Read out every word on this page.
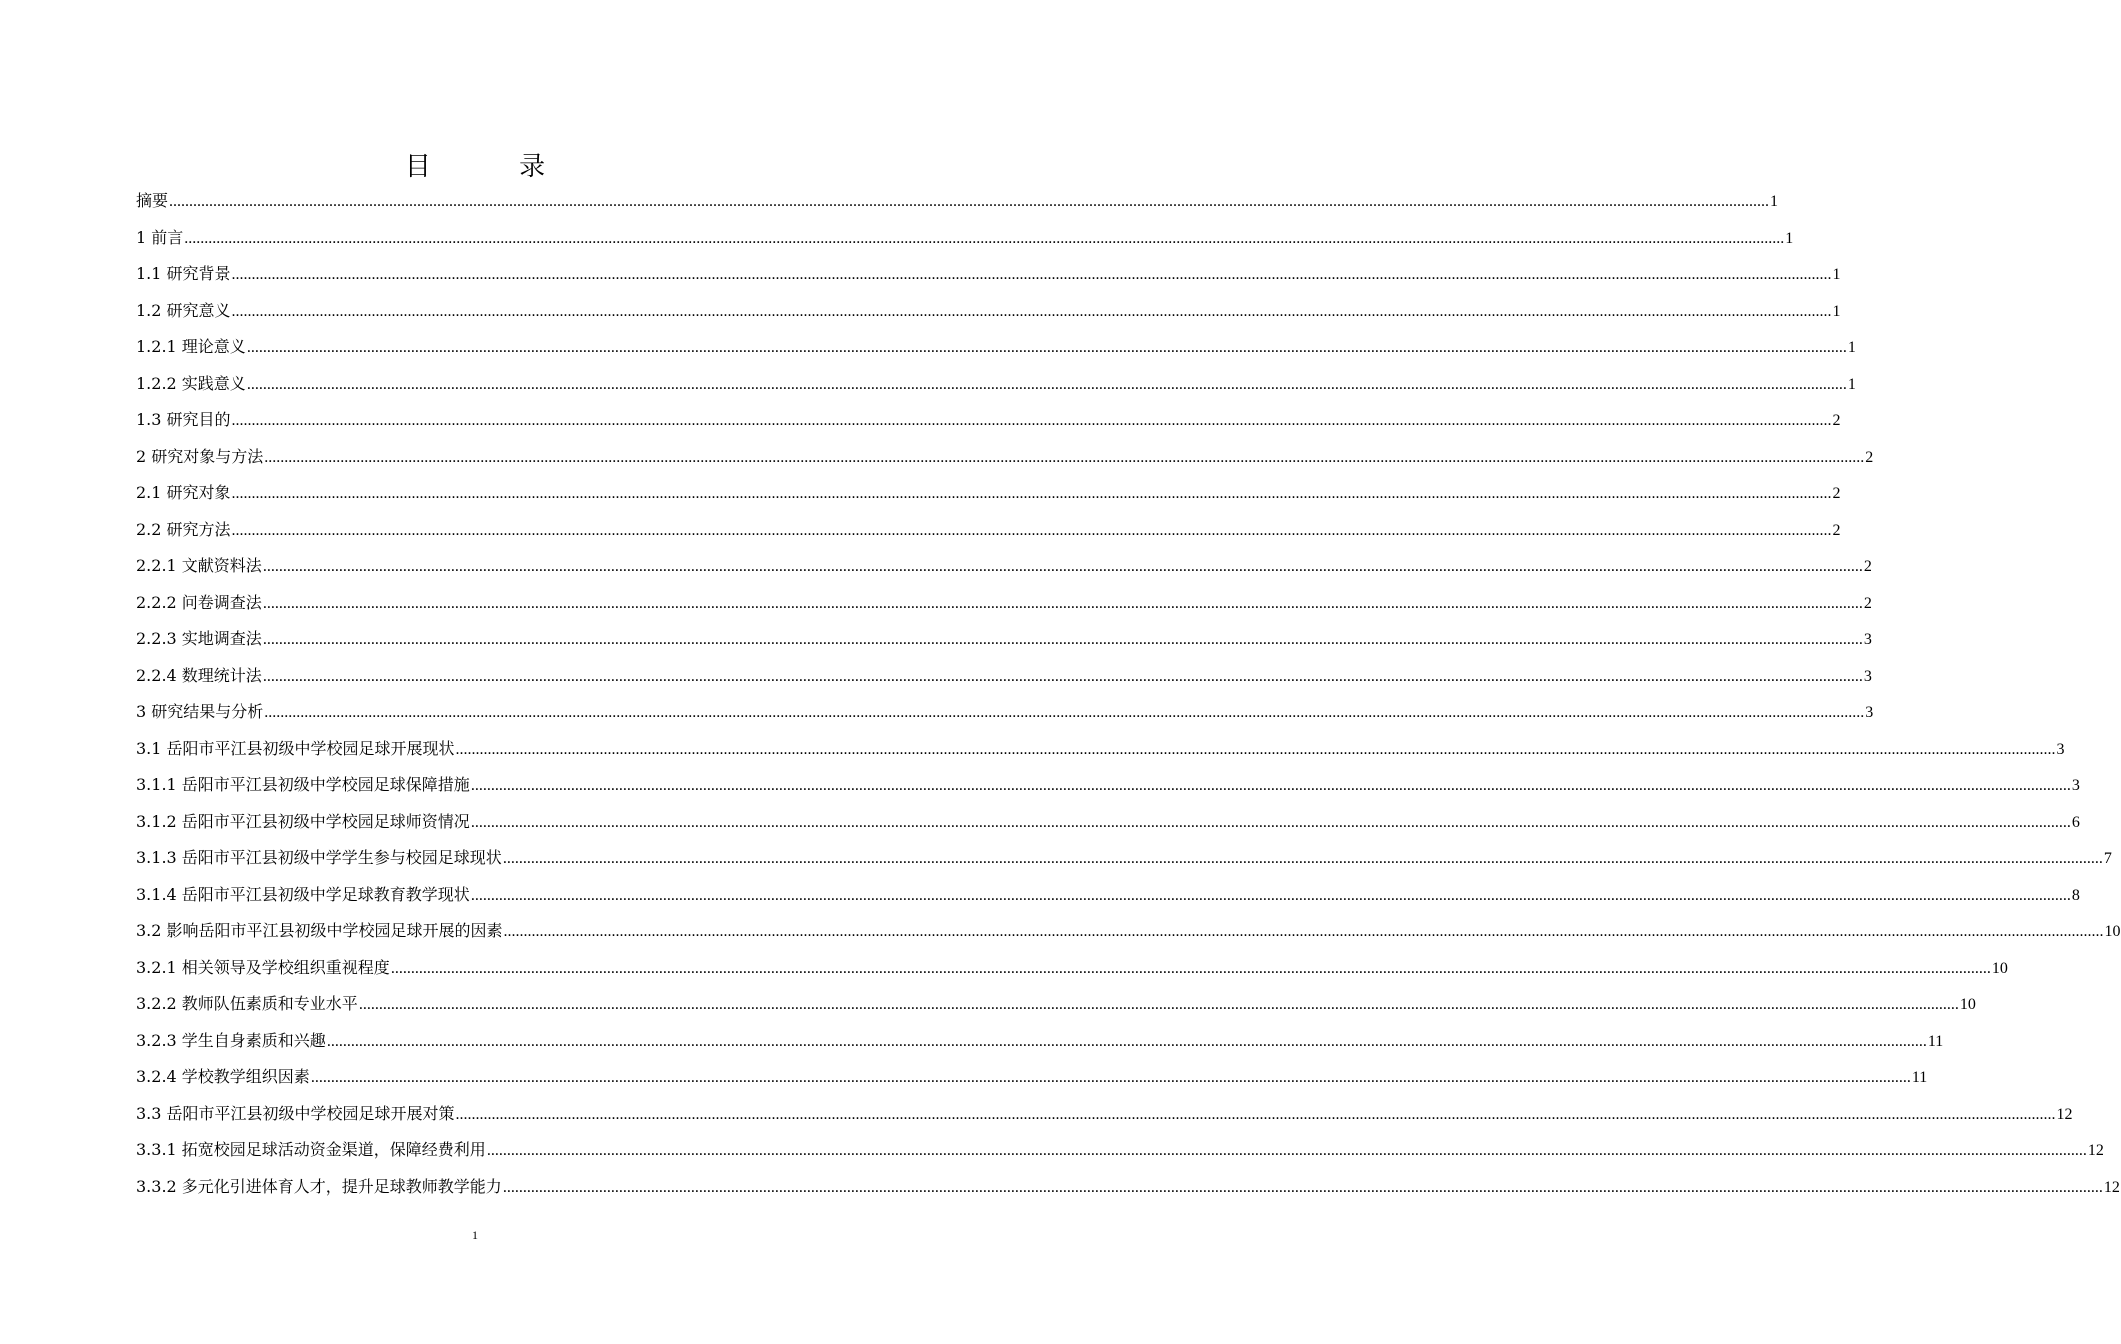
目 录
摘要 ................................................................................................................................................................................................................................................................................................................................................................................................................ 1
1 前言 ................................................................................................................................................................................................................................................................................................................................................................................................................ 1
1.1 研究背景 ................................................................................................................................................................................................................................................................................................................................................................................................................ 1
1.2 研究意义 ................................................................................................................................................................................................................................................................................................................................................................................................................ 1
1.2.1 理论意义 ................................................................................................................................................................................................................................................................................................................................................................................................................ 1
1.2.2 实践意义 ................................................................................................................................................................................................................................................................................................................................................................................................................ 1
1.3 研究目的 ................................................................................................................................................................................................................................................................................................................................................................................................................ 2
2 研究对象与方法 ................................................................................................................................................................................................................................................................................................................................................................................................................ 2
2.1 研究对象 ................................................................................................................................................................................................................................................................................................................................................................................................................ 2
2.2 研究方法 ................................................................................................................................................................................................................................................................................................................................................................................................................ 2
2.2.1 文献资料法 ................................................................................................................................................................................................................................................................................................................................................................................................................ 2
2.2.2 问卷调查法 ................................................................................................................................................................................................................................................................................................................................................................................................................ 2
2.2.3 实地调查法 ................................................................................................................................................................................................................................................................................................................................................................................................................ 3
2.2.4 数理统计法 ................................................................................................................................................................................................................................................................................................................................................................................................................ 3
3 研究结果与分析 ................................................................................................................................................................................................................................................................................................................................................................................................................ 3
3.1 岳阳市平江县初级中学校园足球开展现状 ................................................................................................................................................................................................................................................................................................................................................................................................................ 3
3.1.1 岳阳市平江县初级中学校园足球保障措施 ................................................................................................................................................................................................................................................................................................................................................................................................................ 3
3.1.2 岳阳市平江县初级中学校园足球师资情况 ................................................................................................................................................................................................................................................................................................................................................................................................................ 6
3.1.3 岳阳市平江县初级中学学生参与校园足球现状 ................................................................................................................................................................................................................................................................................................................................................................................................................ 7
3.1.4 岳阳市平江县初级中学足球教育教学现状 ................................................................................................................................................................................................................................................................................................................................................................................................................ 8
3.2 影响岳阳市平江县初级中学校园足球开展的因素 ................................................................................................................................................................................................................................................................................................................................................................................................................ 10
3.2.1 相关领导及学校组织重视程度 ................................................................................................................................................................................................................................................................................................................................................................................................................ 10
3.2.2 教师队伍素质和专业水平 ................................................................................................................................................................................................................................................................................................................................................................................................................ 10
3.2.3 学生自身素质和兴趣 ................................................................................................................................................................................................................................................................................................................................................................................................................ 11
3.2.4 学校教学组织因素 ................................................................................................................................................................................................................................................................................................................................................................................................................ 11
3.3 岳阳市平江县初级中学校园足球开展对策 ................................................................................................................................................................................................................................................................................................................................................................................................................ 12
3.3.1 拓宽校园足球活动资金渠道，保障经费利用 ................................................................................................................................................................................................................................................................................................................................................................................................................ 12
3.3.2 多元化引进体育人才，提升足球教师教学能力 ................................................................................................................................................................................................................................................................................................................................................................................................................ 12
1
